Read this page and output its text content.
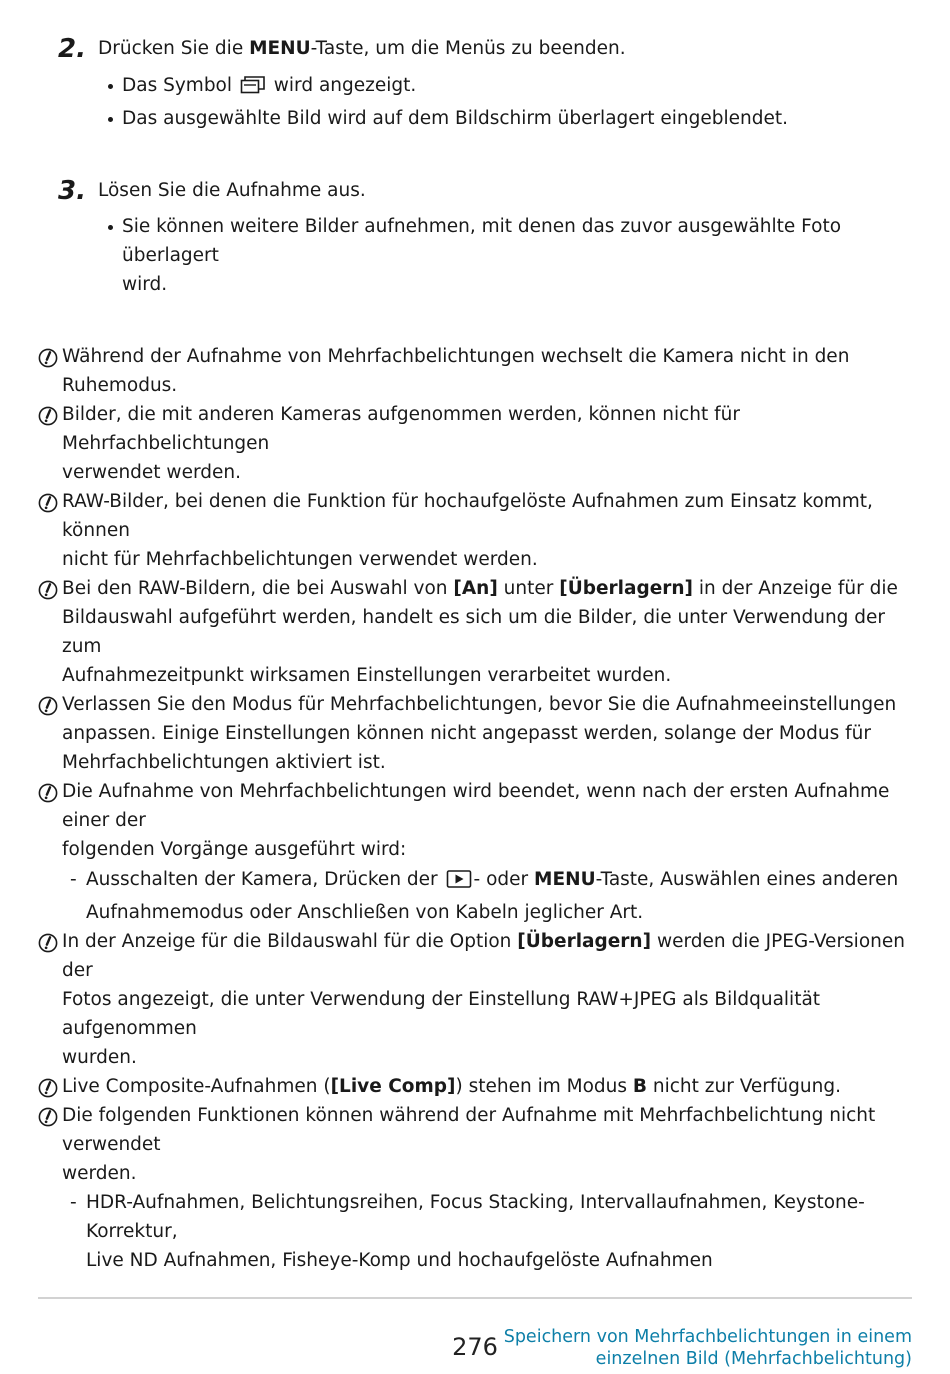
2. Drücken Sie die MENU-Taste, um die Menüs zu beenden.
Das Symbol  wird angezeigt.
Das ausgewählte Bild wird auf dem Bildschirm überlagert eingeblendet.
3. Lösen Sie die Aufnahme aus.
Sie können weitere Bilder aufnehmen, mit denen das zuvor ausgewählte Foto überlagert
wird.
Während der Aufnahme von Mehrfachbelichtungen wechselt die Kamera nicht in den Ruhemodus.
Bilder, die mit anderen Kameras aufgenommen werden, können nicht für Mehrfachbelichtungen
verwendet werden.
RAW-Bilder, bei denen die Funktion für hochaufgelöste Aufnahmen zum Einsatz kommt, können
nicht für Mehrfachbelichtungen verwendet werden.
Bei den RAW-Bildern, die bei Auswahl von [An] unter [Überlagern] in der Anzeige für die
Bildauswahl aufgeführt werden, handelt es sich um die Bilder, die unter Verwendung der zum
Aufnahmezeitpunkt wirksamen Einstellungen verarbeitet wurden.
Verlassen Sie den Modus für Mehrfachbelichtungen, bevor Sie die Aufnahmeeinstellungen
anpassen. Einige Einstellungen können nicht angepasst werden, solange der Modus für
Mehrfachbelichtungen aktiviert ist.
Die Aufnahme von Mehrfachbelichtungen wird beendet, wenn nach der ersten Aufnahme einer der
folgenden Vorgänge ausgeführt wird:
- Ausschalten der Kamera, Drücken der - oder MENU-Taste, Auswählen eines anderen
Aufnahmemodus oder Anschließen von Kabeln jeglicher Art.
In der Anzeige für die Bildauswahl für die Option [Überlagern] werden die JPEG-Versionen der
Fotos angezeigt, die unter Verwendung der Einstellung RAW+JPEG als Bildqualität aufgenommen
wurden.
Live Composite-Aufnahmen ([Live Comp]) stehen im Modus B nicht zur Verfügung.
Die folgenden Funktionen können während der Aufnahme mit Mehrfachbelichtung nicht verwendet
werden.
- HDR-Aufnahmen, Belichtungsreihen, Focus Stacking, Intervallaufnahmen, Keystone-Korrektur,
Live ND Aufnahmen, Fisheye-Komp und hochaufgelöste Aufnahmen
276 Speichern von Mehrfachbelichtungen in einem
einzelnen Bild (Mehrfachbelichtung)
